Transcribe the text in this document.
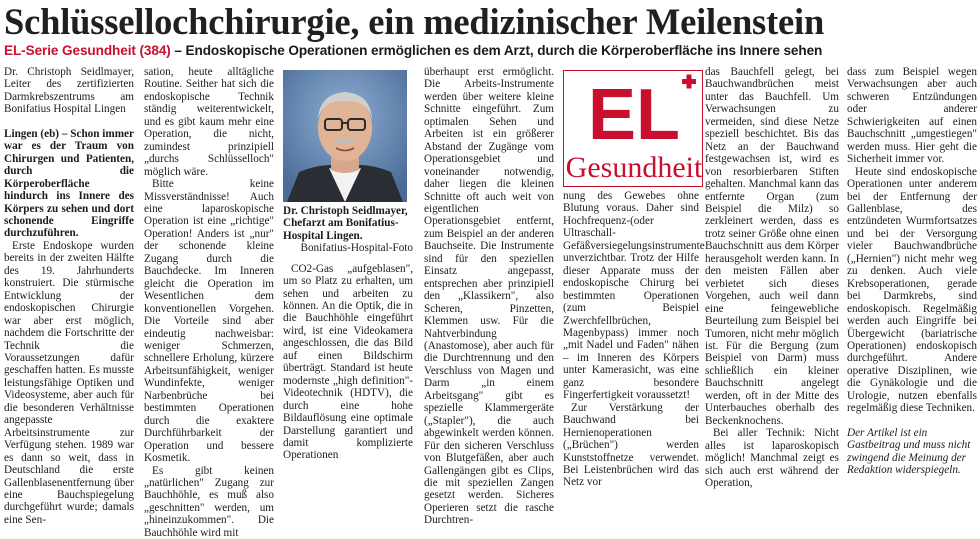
Schlüssellochchirurgie, ein medizinischer Meilenstein
EL-Serie Gesundheit (384) – Endoskopische Operationen ermöglichen es dem Arzt, durch die Körperoberfläche ins Innere sehen

Dr. Christoph Seidlmayer, Leiter des zertifizierten Darmkrebszentrums am Bonifatius Hospital Lingen

Lingen (eb) – Schon immer war es der Traum von Chirurgen und Patienten, durch die Körperoberfläche hindurch ins Innere des Körpers zu sehen und dort schonende Eingriffe durchzuführen.

Erste Endoskope wurden bereits in der zweiten Hälfte des 19. Jahrhunderts konstruiert. Die stürmische Entwicklung der endoskopischen Chirurgie war aber erst möglich, nachdem die Fortschritte der Technik die Voraussetzungen dafür geschaffen hatten. Es musste leistungsfähige Optiken und Videosysteme, aber auch für die besonderen Verhältnisse angepasste Arbeitsinstrumente zur Verfügung stehen. 1989 war es dann so weit, dass in Deutschland die erste Gallenblasenentfernung über eine Bauchspiegelung durchgeführt wurde; damals eine Sen-

sation, heute alltägliche Routine. Seither hat sich die endoskopische Technik ständig weiterentwickelt, und es gibt kaum mehr eine Operation, die nicht, zumindest prinzipiell „durchs Schlüsselloch" möglich wäre.

Bitte keine Missverständnisse! Auch eine laparoskopische Operation ist eine „richtige" Operation! Anders ist „nur" der schonende kleine Zugang durch die Bauchdecke. Im Inneren gleicht die Operation im Wesentlichen dem konventionellen Vorgehen. Die Vorteile sind aber eindeutig nachweisbar: weniger Schmerzen, schnellere Erholung, kürzere Arbeitsunfähigkeit, weniger Wundinfekte, weniger Narbenbrüche bei bestimmten Operationen durch die exaktere Durchführbarkeit der Operation und bessere Kosmetik.

Es gibt keinen „natürlichen" Zugang zur Bauchhöhle, es muß also „geschnitten" werden, um „hineinzukommen". Die Bauchhöhle wird mit

Dr. Christoph Seidlmayer, Chefarzt am Bonifatius-Hospital Lingen.

Bonifatius-Hospital-Foto

CO2-Gas „aufgeblasen", um so Platz zu erhalten, um sehen und arbeiten zu können. An die Optik, die in die Bauchhöhle eingeführt wird, ist eine Videokamera angeschlossen, die das Bild auf einen Bildschirm überträgt. Standard ist heute modernste „high definition"-Videotechnik (HDTV), die durch eine hohe Bildauflösung eine optimale Darstellung garantiert und damit komplizierte Operationen

überhaupt erst ermöglicht. Die Arbeits-Instrumente werden über weitere kleine Schnitte eingeführt. Zum optimalen Sehen und Arbeiten ist ein größerer Abstand der Zugänge vom Operationsgebiet und voneinander notwendig, daher liegen die kleinen Schnitte oft auch weit von eigentlichen Operationsgebiet entfernt, zum Beispiel an der anderen Bauchseite. Die Instrumente sind für den speziellen Einsatz angepasst, entsprechen aber prinzipiell den „Klassikern", also Scheren, Pinzetten, Klemmen usw. Für die Nahtverbindung (Anastomose), aber auch für die Durchtrennung und den Verschluss von Magen und Darm „in einem Arbeitsgang" gibt es spezielle Klammergeräte („Stapler"), die auch abgewinkelt werden können. Für den sicheren Verschluss von Blutgefäßen, aber auch Gallengängen gibt es Clips, die mit speziellen Zangen gesetzt werden. Sicheres Operieren setzt die rasche Durchtren-

EL
Gesundheit

nung des Gewebes ohne Blutung voraus. Daher sind Hochfrequenz-(oder Ultraschall-Gefäßversiegelungsinstrumente unverzichtbar. Trotz der Hilfe dieser Apparate muss der endoskopische Chirurg bei bestimmten Operationen (zum Beispiel Zwerchfellbrüchen, Magenbypass) immer noch „mit Nadel und Faden" nähen – im Inneren des Körpers unter Kamerasicht, was eine ganz besondere Fingerfertigkeit voraussetzt!

Zur Verstärkung der Bauchwand bei Hernienoperationen („Brüchen") werden Kunststoffnetze verwendet. Bei Leistenbrüchen wird das Netz vor

das Bauchfell gelegt, bei Bauchwandbrüchen meist unter das Bauchfell. Um Verwachsungen zu vermeiden, sind diese Netze speziell beschichtet. Bis das Netz an der Bauchwand festgewachsen ist, wird es von resorbierbaren Stiften gehalten. Manchmal kann das entfernte Organ (zum Beispiel die Milz) so zerkleinert werden, dass es trotz seiner Größe ohne einen Bauchschnitt aus dem Körper herausgeholt werden kann. In den meisten Fällen aber verbietet sich dieses Vorgehen, auch weil dann eine feingewebliche Beurteilung zum Beispiel bei Tumoren, nicht mehr möglich ist. Für die Bergung (zum Beispiel von Darm) muss schließlich ein kleiner Bauchschnitt angelegt werden, oft in der Mitte des Unterbauches oberhalb des Beckenknochens.

Bei aller Technik: Nicht alles ist laparoskopisch möglich! Manchmal zeigt es sich auch erst während der Operation,

dass zum Beispiel wegen Verwachsungen aber auch schweren Entzündungen oder anderer Schwierigkeiten auf einen Bauchschnitt „umgestiegen" werden muss. Hier geht die Sicherheit immer vor.

Heute sind endoskopische Operationen unter anderem bei der Entfernung der Gallenblase, des entzündeten Wurmfortsatzes und bei der Versorgung vieler Bauchwandbrüche („Hernien") nicht mehr weg zu denken. Auch viele Krebsoperationen, gerade bei Darmkrebs, sind endoskopisch. Regelmäßig werden auch Eingriffe bei Übergewicht (bariatrische Operationen) endoskopisch durchgeführt. Andere operative Disziplinen, wie die Gynäkologie und die Urologie, nutzen ebenfalls regelmäßig diese Techniken.

Der Artikel ist ein Gastbeitrag und muss nicht zwingend die Meinung der Redaktion widerspiegeln.
